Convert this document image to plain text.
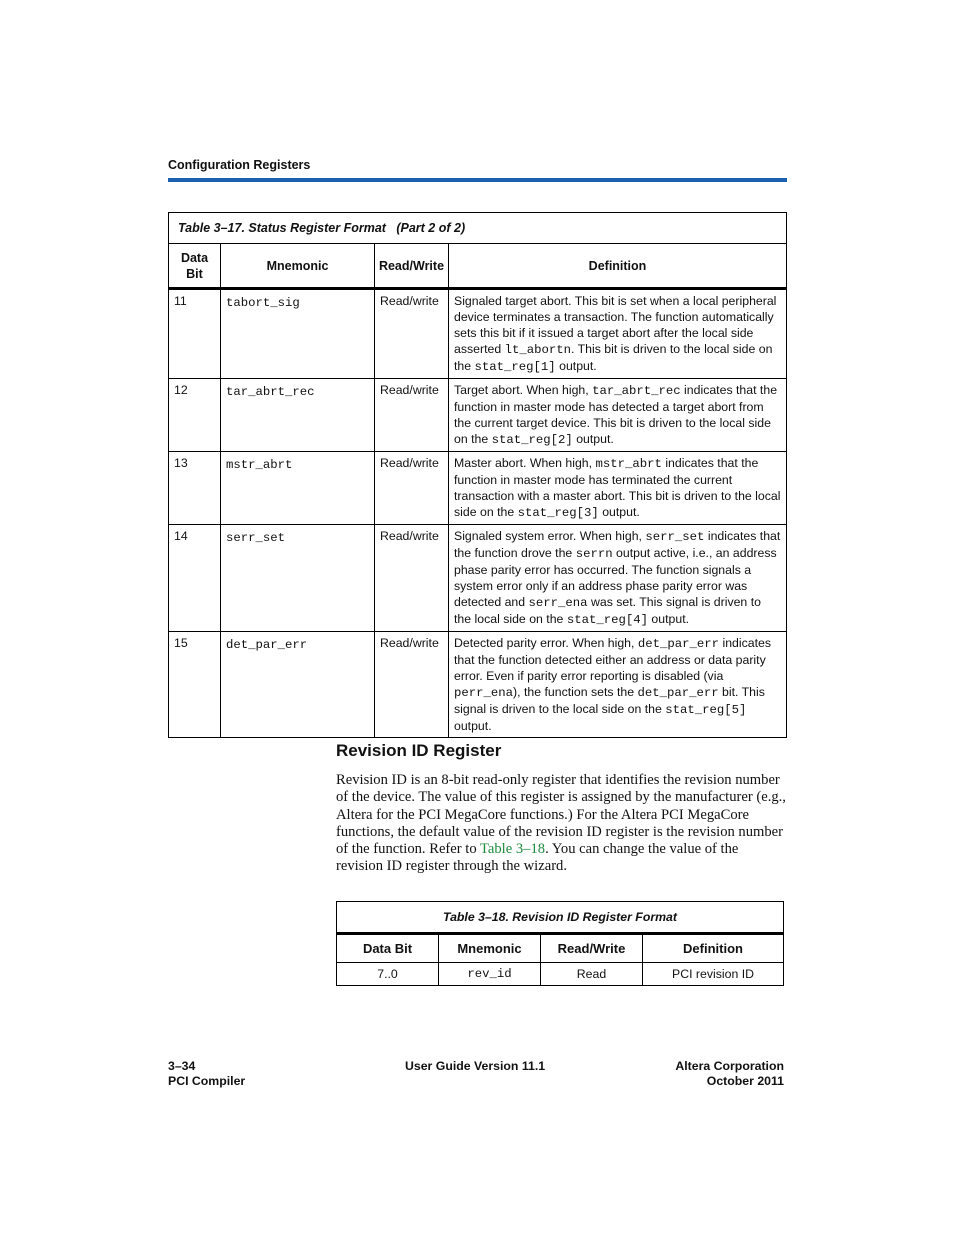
Configuration Registers
Table 3–17. Status Register Format   (Part 2 of 2)			
Data Bit	Mnemonic	Read/Write	Definition
11	tabort_sig	Read/write	Signaled target abort. This bit is set when a local peripheral device terminates a transaction. The function automatically sets this bit if it issued a target abort after the local side asserted lt_abortn. This bit is driven to the local side on the stat_reg[1] output.
12	tar_abrt_rec	Read/write	Target abort. When high, tar_abrt_rec indicates that the function in master mode has detected a target abort from the current target device. This bit is driven to the local side on the stat_reg[2] output.
13	mstr_abrt	Read/write	Master abort. When high, mstr_abrt indicates that the function in master mode has terminated the current transaction with a master abort. This bit is driven to the local side on the stat_reg[3] output.
14	serr_set	Read/write	Signaled system error. When high, serr_set indicates that the function drove the serrn output active, i.e., an address phase parity error has occurred. The function signals a system error only if an address phase parity error was detected and serr_ena was set. This signal is driven to the local side on the stat_reg[4] output.
15	det_par_err	Read/write	Detected parity error. When high, det_par_err indicates that the function detected either an address or data parity error. Even if parity error reporting is disabled (via perr_ena), the function sets the det_par_err bit. This signal is driven to the local side on the stat_reg[5] output.
Revision ID Register
Revision ID is an 8-bit read-only register that identifies the revision number of the device. The value of this register is assigned by the manufacturer (e.g., Altera for the PCI MegaCore functions.) For the Altera PCI MegaCore functions, the default value of the revision ID register is the revision number of the function. Refer to Table 3–18. You can change the value of the revision ID register through the wizard.
Table 3–18. Revision ID Register Format			
Data Bit	Mnemonic	Read/Write	Definition
7..0	rev_id	Read	PCI revision ID
3–34
PCI Compiler
User Guide Version 11.1	Altera Corporation
October 2011
